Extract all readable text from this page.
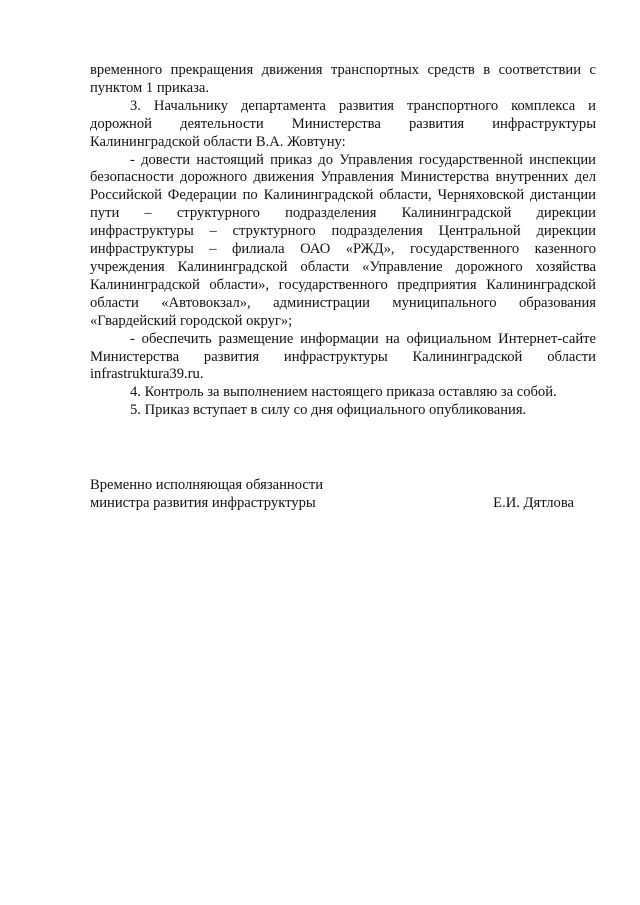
временного прекращения движения транспортных средств в соответствии с пунктом 1 приказа.

3. Начальнику департамента развития транспортного комплекса и дорожной деятельности Министерства развития инфраструктуры Калининградской области В.А. Жовтуну:

- довести настоящий приказ до Управления государственной инспекции безопасности дорожного движения Управления Министерства внутренних дел Российской Федерации по Калининградской области, Черняховской дистанции пути – структурного подразделения Калининградской дирекции инфраструктуры – структурного подразделения Центральной дирекции инфраструктуры – филиала ОАО «РЖД», государственного казенного учреждения Калининградской области «Управление дорожного хозяйства Калининградской области», государственного предприятия Калининградской области «Автовокзал», администрации муниципального образования «Гвардейский городской округ»;

- обеспечить размещение информации на официальном Интернет-сайте Министерства развития инфраструктуры Калининградской области infrastruktura39.ru.

4. Контроль за выполнением настоящего приказа оставляю за собой.

5. Приказ вступает в силу со дня официального опубликования.

Временно исполняющая обязанности
министра развития инфраструктуры	Е.И. Дятлова
